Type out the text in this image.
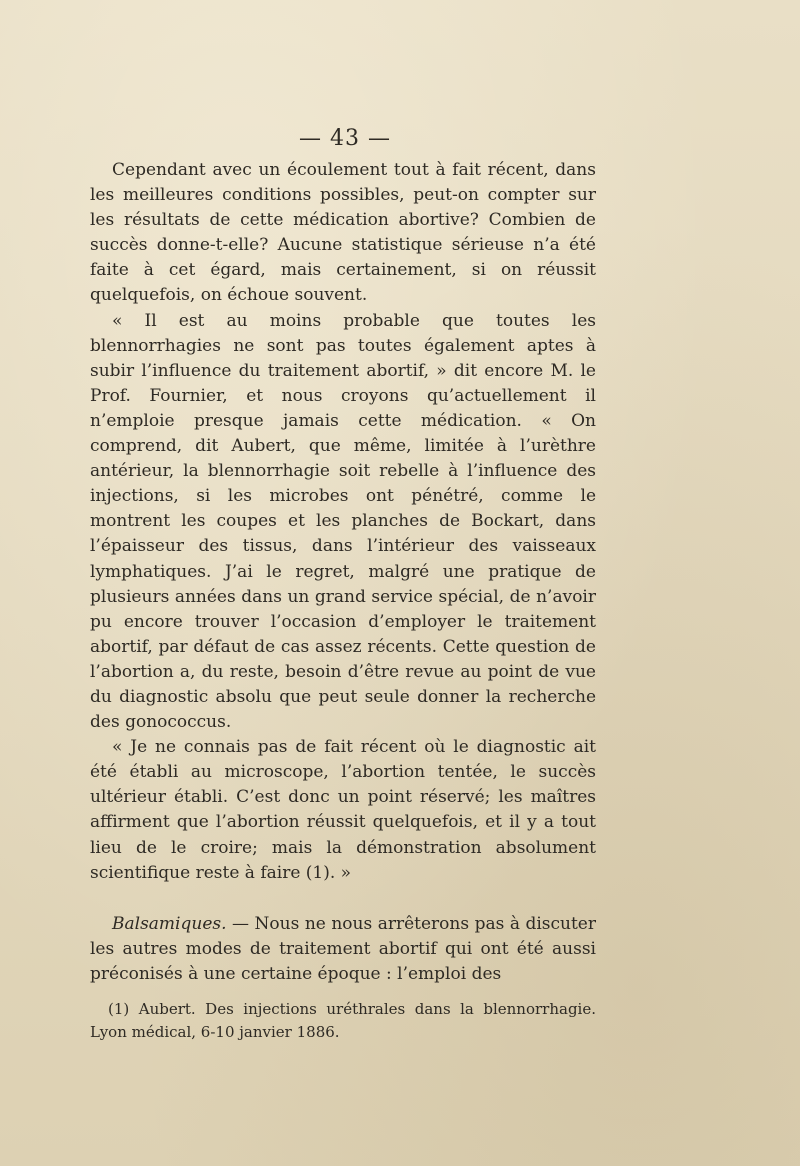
— 43 —

Cependant avec un écoulement tout à fait récent, dans les meilleures conditions possibles, peut-on compter sur les résultats de cette médication abortive? Combien de succès donne-t-elle? Aucune statistique sérieuse n’a été faite à cet égard, mais certainement, si on réussit quelquefois, on échoue souvent.

« Il est au moins probable que toutes les blennorrhagies ne sont pas toutes également aptes à subir l’influence du traitement abortif, » dit encore M. le Prof. Fournier, et nous croyons qu’actuellement il n’emploie presque jamais cette médication. « On comprend, dit Aubert, que même, limitée à l’urèthre antérieur, la blennorrhagie soit rebelle à l’influence des injections, si les microbes ont pénétré, comme le montrent les coupes et les planches de Bockart, dans l’épaisseur des tissus, dans l’intérieur des vaisseaux lymphatiques. J’ai le regret, malgré une pratique de plusieurs années dans un grand service spécial, de n’avoir pu encore trouver l’occasion d’employer le traitement abortif, par défaut de cas assez récents. Cette question de l’abortion a, du reste, besoin d’être revue au point de vue du diagnostic absolu que peut seule donner la recherche des gonococcus.

« Je ne connais pas de fait récent où le diagnostic ait été établi au microscope, l’abortion tentée, le succès ultérieur établi. C’est donc un point réservé; les maîtres affirment que l’abortion réussit quelquefois, et il y a tout lieu de le croire; mais la démonstration absolument scientifique reste à faire (1). »

Balsamiques. — Nous ne nous arrêterons pas à discuter les autres modes de traitement abortif qui ont été aussi préconisés à une certaine époque : l’emploi des

(1) Aubert. Des injections uréthrales dans la blennorrhagie. Lyon médical, 6-10 janvier 1886.
